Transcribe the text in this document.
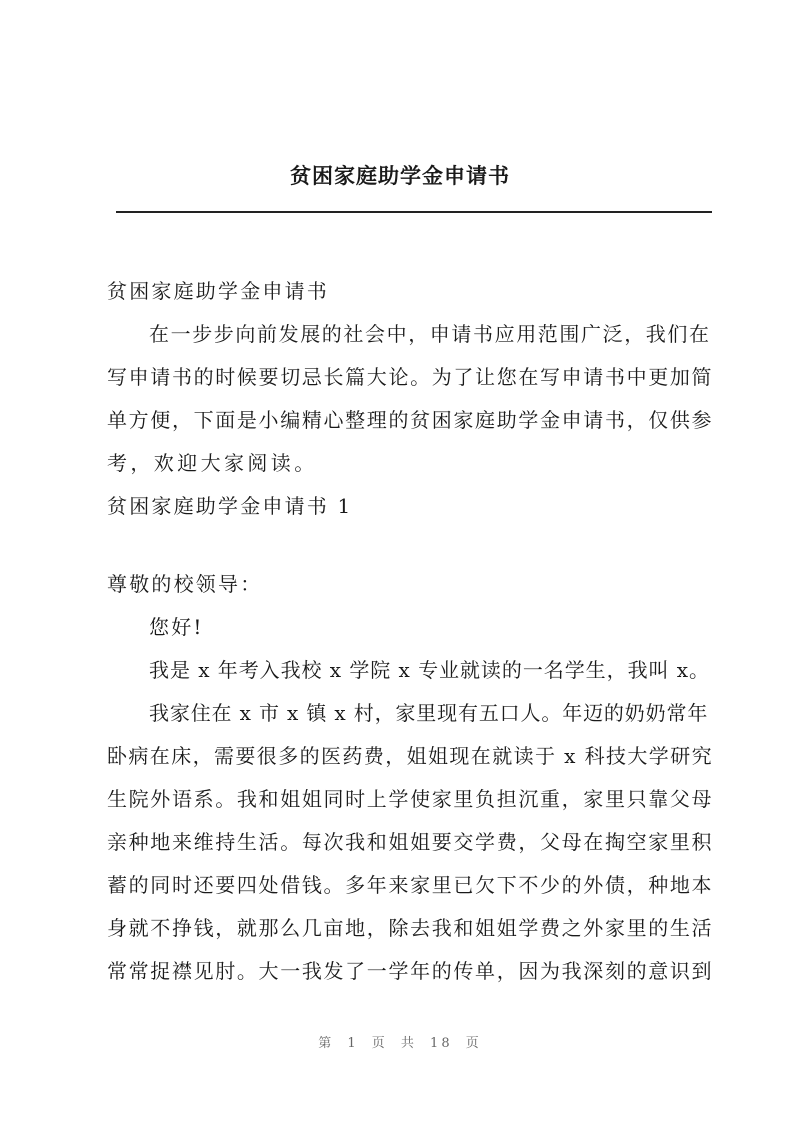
贫困家庭助学金申请书
贫困家庭助学金申请书
在一步步向前发展的社会中，申请书应用范围广泛，我们在
写申请书的时候要切忌长篇大论。为了让您在写申请书中更加简
单方便，下面是小编精心整理的贫困家庭助学金申请书，仅供参
考，欢迎大家阅读。
贫困家庭助学金申请书 1
尊敬的校领导：
您好!
我是 x 年考入我校 x 学院 x 专业就读的一名学生，我叫 x。
我家住在 x 市 x 镇 x 村，家里现有五口人。年迈的奶奶常年
卧病在床，需要很多的医药费，姐姐现在就读于 x 科技大学研究
生院外语系。我和姐姐同时上学使家里负担沉重，家里只靠父母
亲种地来维持生活。每次我和姐姐要交学费，父母在掏空家里积
蓄的同时还要四处借钱。多年来家里已欠下不少的外债，种地本
身就不挣钱，就那么几亩地，除去我和姐姐学费之外家里的生活
常常捉襟见肘。大一我发了一学年的传单，因为我深刻的意识到
第 1 页 共 18 页
